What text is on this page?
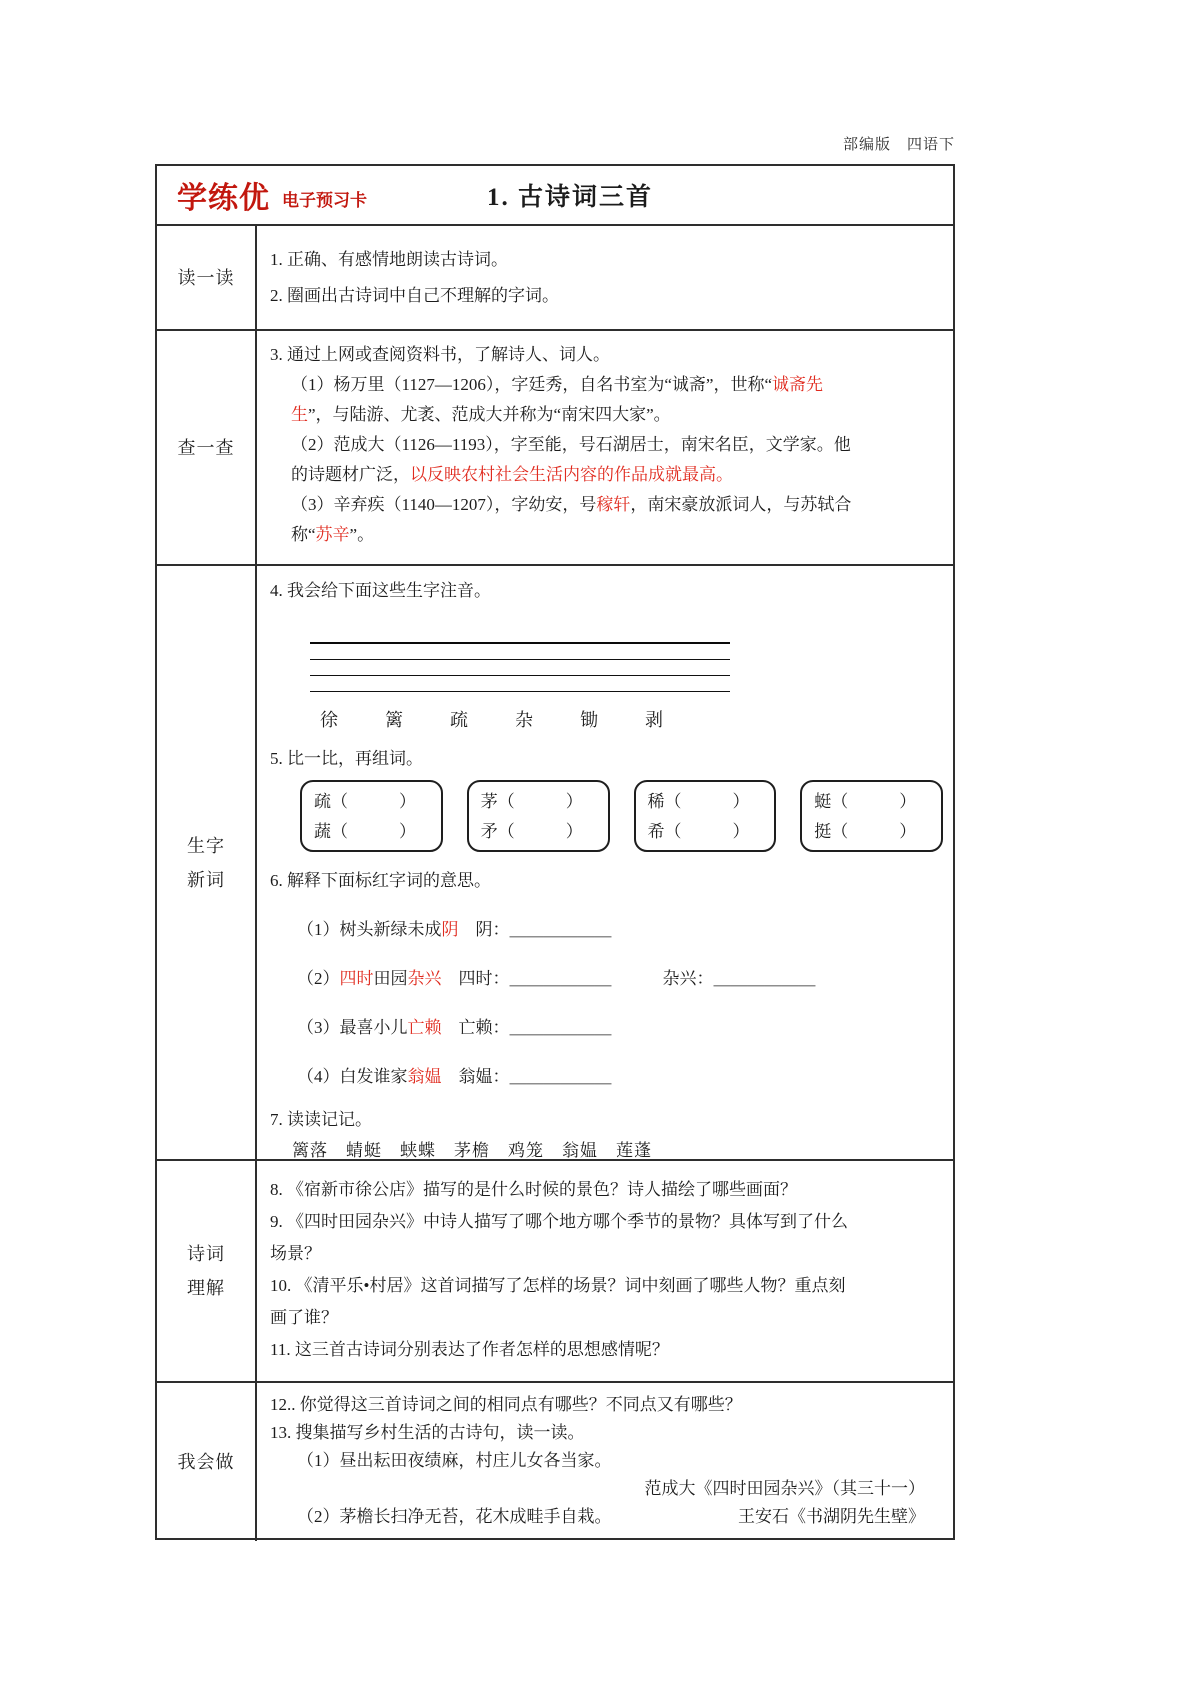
部编版　四语下
学练优 电子预习卡	1. 古诗词三首
读一读
1. 正确、有感情地朗读古诗词。
2. 圈画出古诗词中自己不理解的字词。
查一查
3. 通过上网或查阅资料书，了解诗人、词人。
（1）杨万里（1127—1206），字廷秀，自名书室为“诚斋”，世称“诚斋先
生”，与陆游、尤袤、范成大并称为“南宋四大家”。
（2）范成大（1126—1193），字至能，号石湖居士，南宋名臣，文学家。他
的诗题材广泛，以反映农村社会生活内容的作品成就最高。
（3）辛弃疾（1140—1207），字幼安，号稼轩，南宋豪放派词人，与苏轼合
称“苏辛”。
生字
新词
4. 我会给下面这些生字注音。
徐	篱	疏	杂	锄	剥
5. 比一比，再组词。
疏（　　　）
蔬（　　　）
茅（　　　）
矛（　　　）
稀（　　　）
希（　　　）
蜓（　　　）
挺（　　　）
6. 解释下面标红字词的意思。
（1）树头新绿未成阴　阴：＿＿＿＿＿＿
（2）四时田园杂兴　四时：＿＿＿＿＿＿　　　杂兴：＿＿＿＿＿＿
（3）最喜小儿亡赖　亡赖：＿＿＿＿＿＿
（4）白发谁家翁媪　翁媪：＿＿＿＿＿＿
7. 读读记记。
篱落　蜻蜓　蛱蝶　茅檐　鸡笼　翁媪　莲蓬
诗词
理解
8. 《宿新市徐公店》描写的是什么时候的景色？诗人描绘了哪些画面？
9. 《四时田园杂兴》中诗人描写了哪个地方哪个季节的景物？具体写到了什么
场景？
10. 《清平乐•村居》这首词描写了怎样的场景？词中刻画了哪些人物？重点刻
画了谁？
11. 这三首古诗词分别表达了作者怎样的思想感情呢？
我会做
12.. 你觉得这三首诗词之间的相同点有哪些？不同点又有哪些？
13. 搜集描写乡村生活的古诗句，读一读。
（1）昼出耘田夜绩麻，村庄儿女各当家。
范成大《四时田园杂兴》（其三十一）
（2）茅檐长扫净无苔，花木成畦手自栽。	王安石《书湖阴先生壁》
